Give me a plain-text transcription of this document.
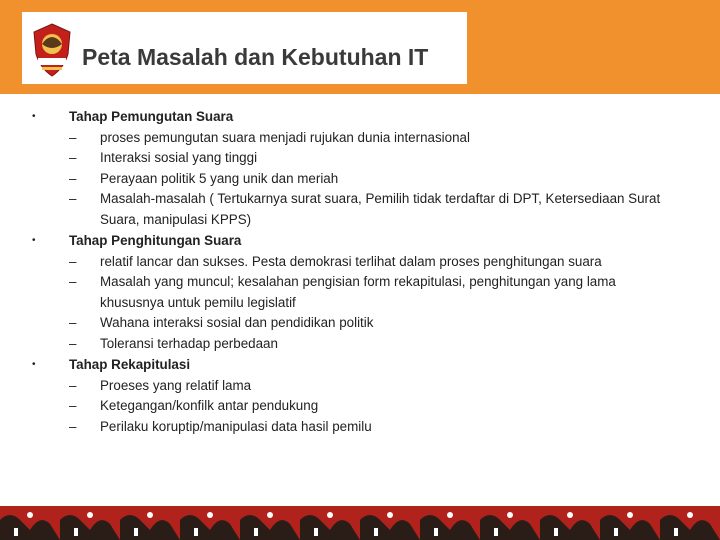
Peta Masalah dan Kebutuhan IT
• Tahap Pemungutan Suara
– proses pemungutan suara menjadi rujukan dunia internasional
– Interaksi sosial yang tinggi
– Perayaan politik 5 yang unik dan meriah
– Masalah-masalah ( Tertukarnya surat suara, Pemilih tidak terdaftar di DPT, Ketersediaan Surat Suara, manipulasi KPPS)
• Tahap Penghitungan Suara
– relatif lancar dan sukses. Pesta demokrasi terlihat dalam proses penghitungan suara
– Masalah yang muncul; kesalahan pengisian form rekapitulasi, penghitungan yang lama khususnya untuk pemilu legislatif
– Wahana interaksi sosial dan pendidikan politik
– Toleransi terhadap perbedaan
• Tahap Rekapitulasi
– Proeses yang relatif lama
– Ketegangan/konfilk antar pendukung
– Perilaku koruptip/manipulasi data hasil pemilu
